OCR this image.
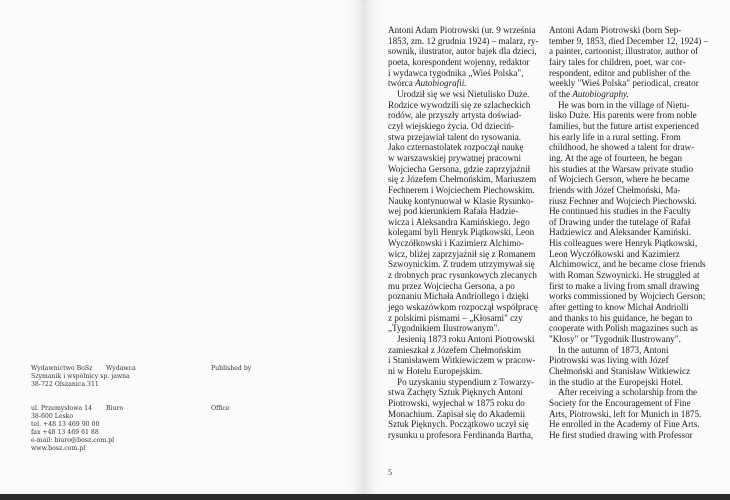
Wydawnictwo BoSz
Szymanik i wspólnicy sp. jawna
38-722 Olszanica 311
Wydawca	Published by
ul. Przemysłowa 14
38-600 Lesko
tel. +48 13 469 90 00
fax +48 13 469 61 88
e-mail: biuro@bosz.com.pl
www.bosz.com.pl
Biuro	Office
Antoni Adam Piotrowski (ur. 9 września
1853, zm. 12 grudnia 1924) – malarz, ry-
sownik, ilustrator, autor bajek dla dzieci,
poeta, korespondent wojenny, redaktor
i wydawca tygodnika „Wieś Polska",
twórca Autobiografii.
Urodził się we wsi Nietulisko Duże.
Rodzice wywodzili się ze szlacheckich
rodów, ale przyszły artysta doświad-
czył wiejskiego życia. Od dzieciń-
stwa przejawiał talent do rysowania.
Jako czternastolatek rozpoczął naukę
w warszawskiej prywatnej pracowni
Wojciecha Gersona, gdzie zaprzyjaźnił
się z Józefem Chełmońskim, Mariuszem
Fechnerem i Wojciechem Piechowskim.
Naukę kontynuował w Klasie Rysunko-
wej pod kierunkiem Rafała Hadzie-
wicza i Aleksandra Kamińskiego. Jego
kolegami byli Henryk Piątkowski, Leon
Wyczółkowski i Kazimierz Alchimo-
wicz, bliżej zaprzyjaźnił się z Romanem
Szwoynickim. Z trudem utrzymywał się
z drobnych prac rysunkowych zlecanych
mu przez Wojciecha Gersona, a po
poznaniu Michała Andriollego i dzięki
jego wskazówkom rozpoczął współpracę
z polskimi pismami – „Kłosami" czy
„Tygodnikiem Ilustrowanym".
Jesienią 1873 roku Antoni Piotrowski
zamieszkał z Józefem Chełmońskim
i Stanisławem Witkiewiczem w pracow-
ni w Hotelu Europejskim.
Po uzyskaniu stypendium z Towarzy-
stwa Zachęty Sztuk Pięknych Antoni
Piotrowski, wyjechał w 1875 roku do
Monachium. Zapisał się do Akademii
Sztuk Pięknych. Początkowo uczył się
rysunku u profesora Ferdinanda Bartha,
Antoni Adam Piotrowski (born Sep-
tember 9, 1853, died December 12, 1924) –
a painter, cartoonist, illustrator, author of
fairy tales for children, poet, war cor-
respondent, editor and publisher of the
weekly "Wieś Polska" periodical, creator
of the Autobiography.
He was born in the village of Nietu-
lisko Duże. His parents were from noble
families, but the future artist experienced
his early life in a rural setting. From
childhood, he showed a talent for draw-
ing. At the age of fourteen, he began
his studies at the Warsaw private studio
of Wojciech Gerson, where he became
friends with Józef Chełmoński, Ma-
riusz Fechner and Wojciech Piechowski.
He continued his studies in the Faculty
of Drawing under the tutelage of Rafał
Hadziewicz and Aleksander Kamiński.
His colleagues were Henryk Piątkowski,
Leon Wyczółkowski and Kazimierz
Alchimowicz, and he became close friends
with Roman Szwoynicki. He struggled at
first to make a living from small drawing
works commissioned by Wojciech Gerson;
after getting to know Michał Andriolli
and thanks to his guidance, he began to
cooperate with Polish magazines such as
"Kłosy" or "Tygodnik Ilustrowany".
In the autumn of 1873, Antoni
Piotrowski was living with Józef
Chełmoński and Stanisław Witkiewicz
in the studio at the Europejski Hotel.
After receiving a scholarship from the
Society for the Encouragement of Fine
Arts, Piotrowski, left for Munich in 1875.
He enrolled in the Academy of Fine Arts.
He first studied drawing with Professor
5
